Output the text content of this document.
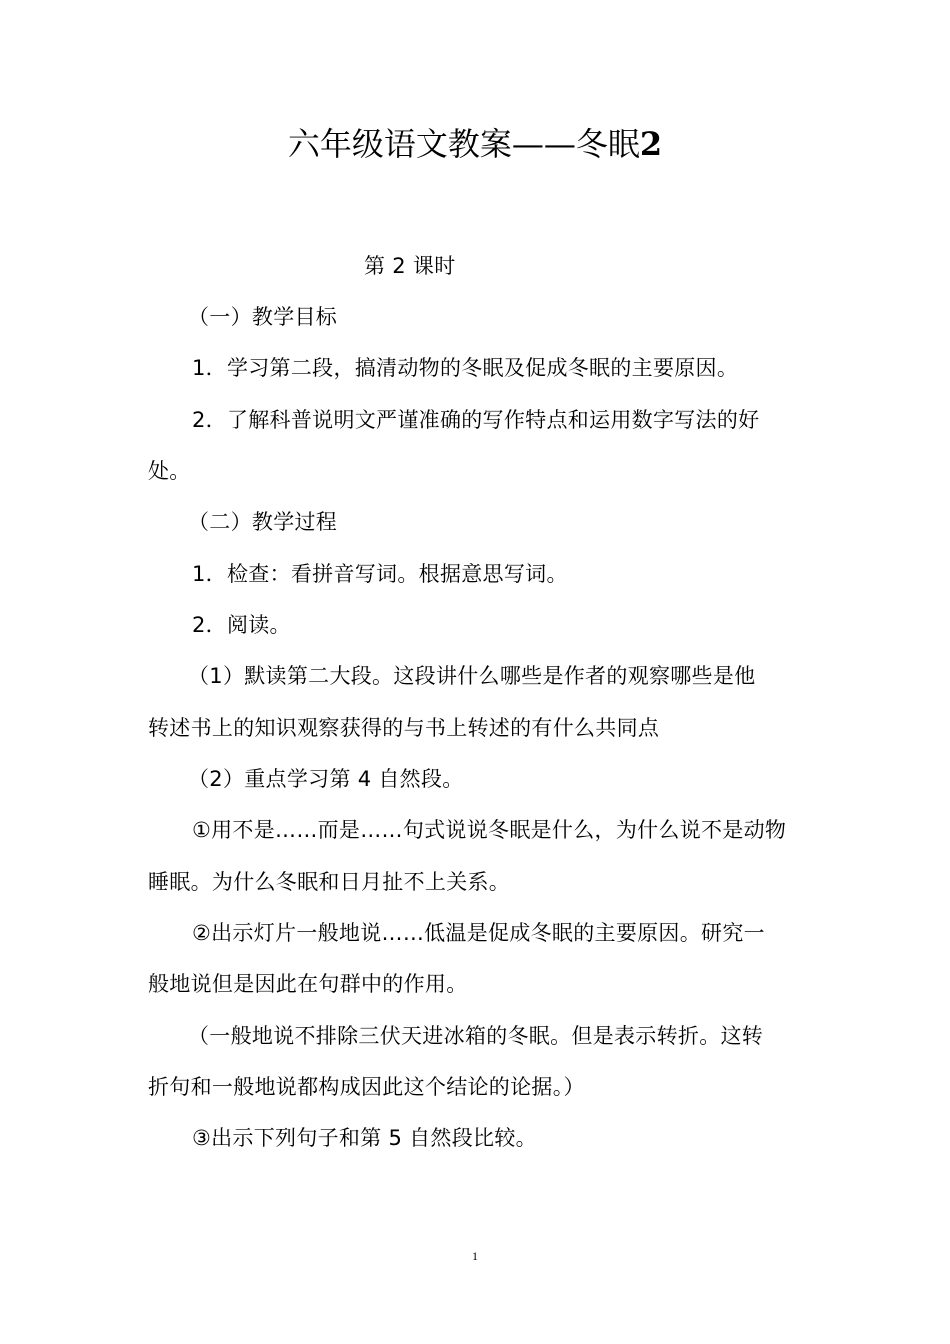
六年级语文教案——冬眠2

第 2 课时

（一）教学目标

1．学习第二段，搞清动物的冬眠及促成冬眠的主要原因。

2．了解科普说明文严谨准确的写作特点和运用数字写法的好

处。

（二）教学过程

1．检查：看拼音写词。根据意思写词。

2．阅读。

（1）默读第二大段。这段讲什么哪些是作者的观察哪些是他

转述书上的知识观察获得的与书上转述的有什么共同点

（2）重点学习第 4 自然段。

①用不是……而是……句式说说冬眠是什么，为什么说不是动物

睡眠。为什么冬眠和日月扯不上关系。

②出示灯片一般地说……低温是促成冬眠的主要原因。研究一

般地说但是因此在句群中的作用。

（一般地说不排除三伏天进冰箱的冬眠。但是表示转折。这转

折句和一般地说都构成因此这个结论的论据。）

③出示下列句子和第 5 自然段比较。

1
